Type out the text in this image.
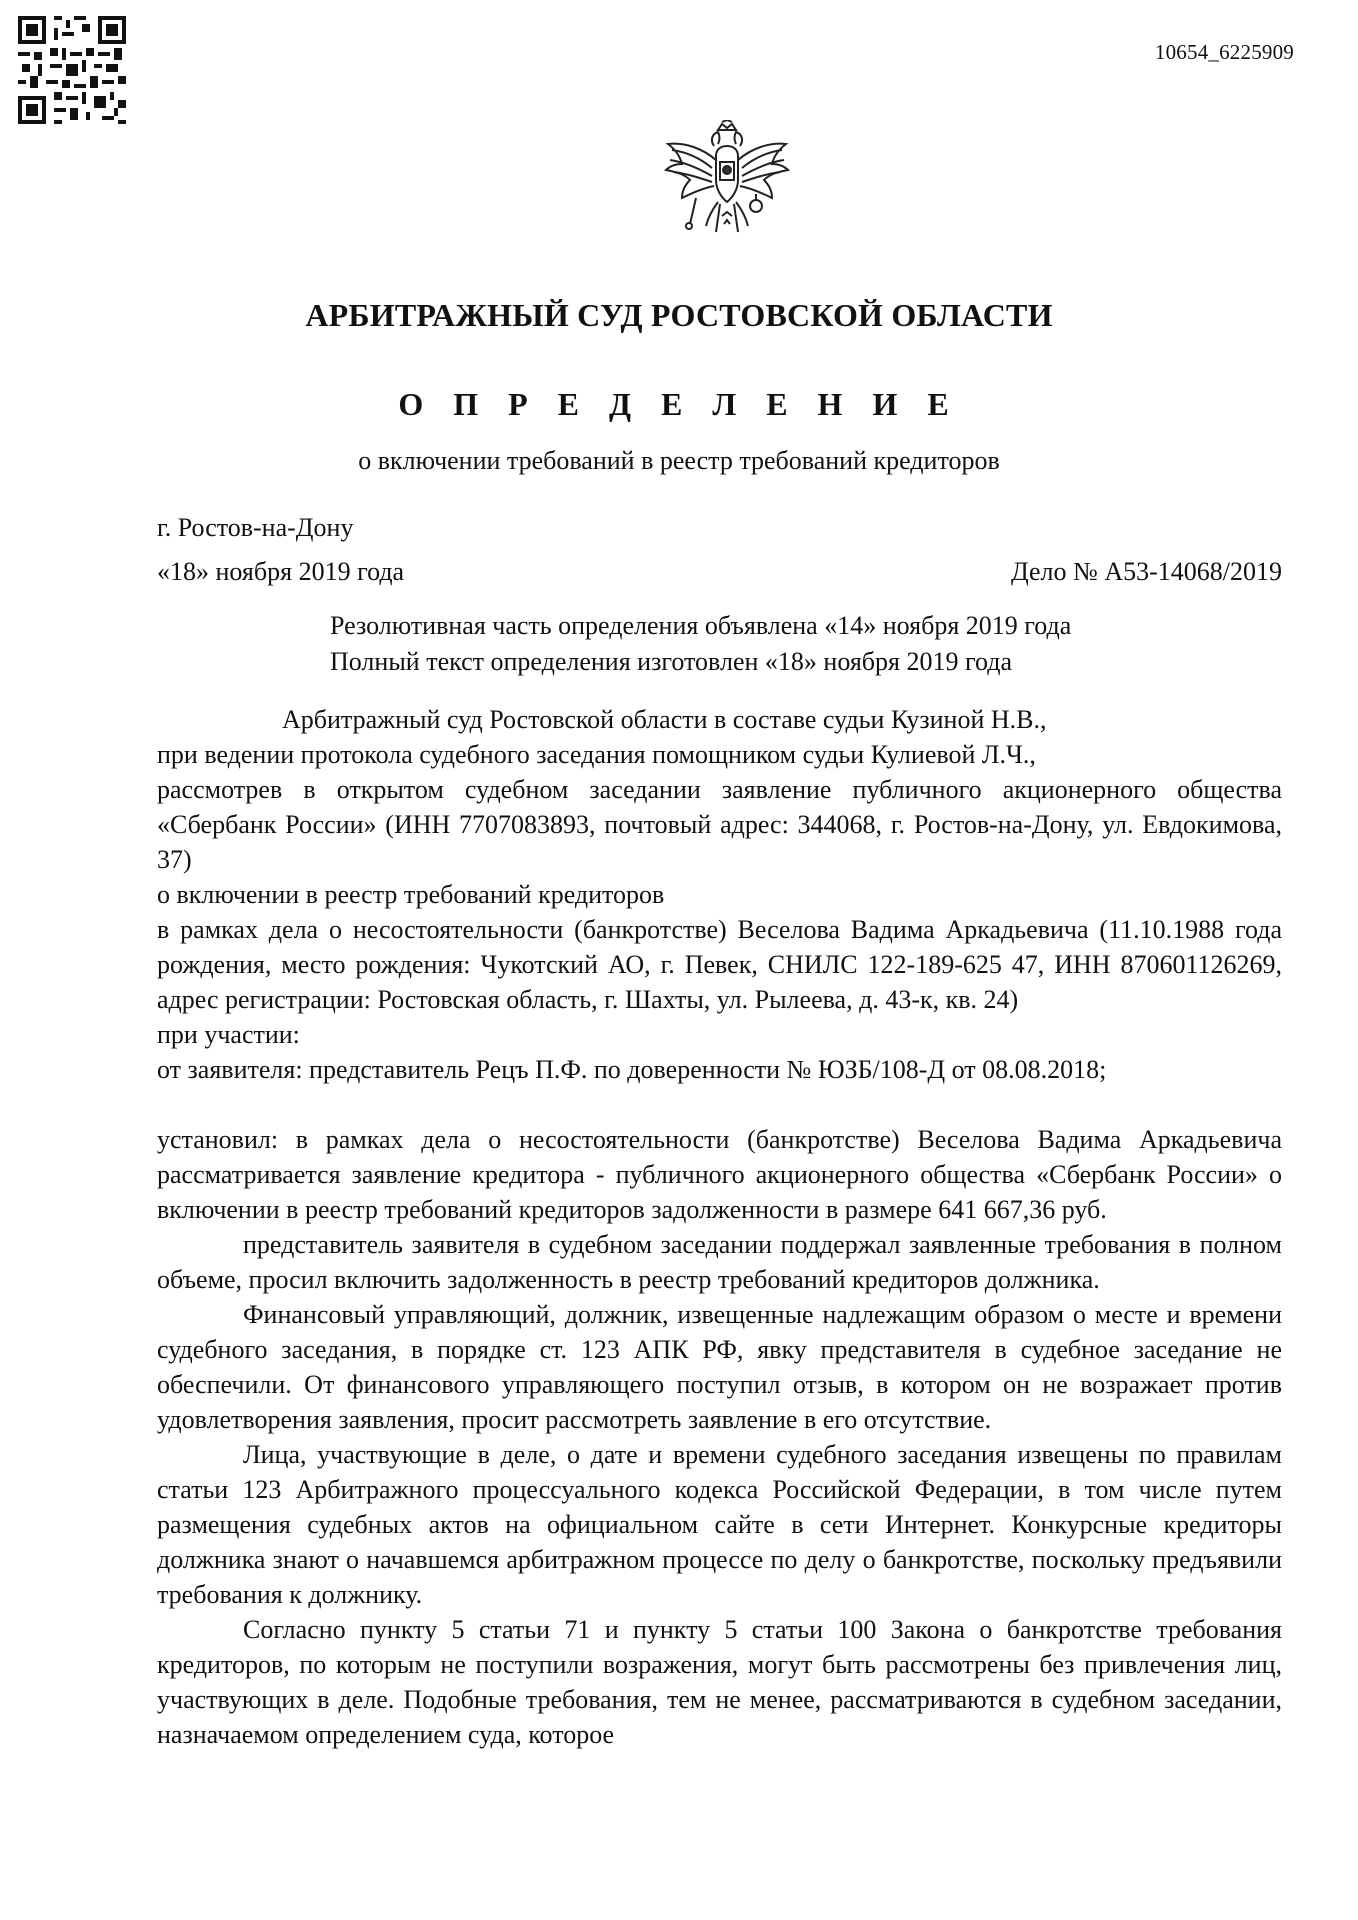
10654_6225909
АРБИТРАЖНЫЙ СУД РОСТОВСКОЙ ОБЛАСТИ
О П Р Е Д Е Л Е Н И Е
о включении требований в реестр требований кредиторов
г. Ростов-на-Дону
«18» ноября 2019 года	Дело № А53-14068/2019
Резолютивная часть определения объявлена «14» ноября 2019 года
Полный текст определения изготовлен «18» ноября 2019 года

Арбитражный суд Ростовской области в составе судьи Кузиной Н.В.,

при ведении протокола судебного заседания помощником судьи Кулиевой Л.Ч.,

рассмотрев в открытом судебном заседании заявление публичного акционерного общества «Сбербанк России» (ИНН 7707083893, почтовый адрес: 344068, г. Ростов-на-Дону, ул. Евдокимова, 37)

о включении в реестр требований кредиторов

в рамках дела о несостоятельности (банкротстве) Веселова Вадима Аркадьевича (11.10.1988 года рождения, место рождения: Чукотский АО, г. Певек, СНИЛС 122-189-625 47, ИНН 870601126269, адрес регистрации: Ростовская область, г. Шахты, ул. Рылеева, д. 43-к, кв. 24)

при участии:

от заявителя: представитель Рецъ П.Ф. по доверенности № ЮЗБ/108-Д от 08.08.2018;

установил: в рамках дела о несостоятельности (банкротстве) Веселова Вадима Аркадьевича рассматривается заявление кредитора - публичного акционерного общества «Сбербанк России» о включении в реестр требований кредиторов задолженности в размере 641 667,36 руб.

представитель заявителя в судебном заседании поддержал заявленные требования в полном объеме, просил включить задолженность в реестр требований кредиторов должника.

Финансовый управляющий, должник, извещенные надлежащим образом о месте и времени судебного заседания, в порядке ст. 123 АПК РФ, явку представителя в судебное заседание не обеспечили. От финансового управляющего поступил отзыв, в котором он не возражает против удовлетворения заявления, просит рассмотреть заявление в его отсутствие.

Лица, участвующие в деле, о дате и времени судебного заседания извещены по правилам статьи 123 Арбитражного процессуального кодекса Российской Федерации, в том числе путем размещения судебных актов на официальном сайте в сети Интернет. Конкурсные кредиторы должника знают о начавшемся арбитражном процессе по делу о банкротстве, поскольку предъявили требования к должнику.

Согласно пункту 5 статьи 71 и пункту 5 статьи 100 Закона о банкротстве требования кредиторов, по которым не поступили возражения, могут быть рассмотрены без привлечения лиц, участвующих в деле. Подобные требования, тем не менее, рассматриваются в судебном заседании, назначаемом определением суда, которое
